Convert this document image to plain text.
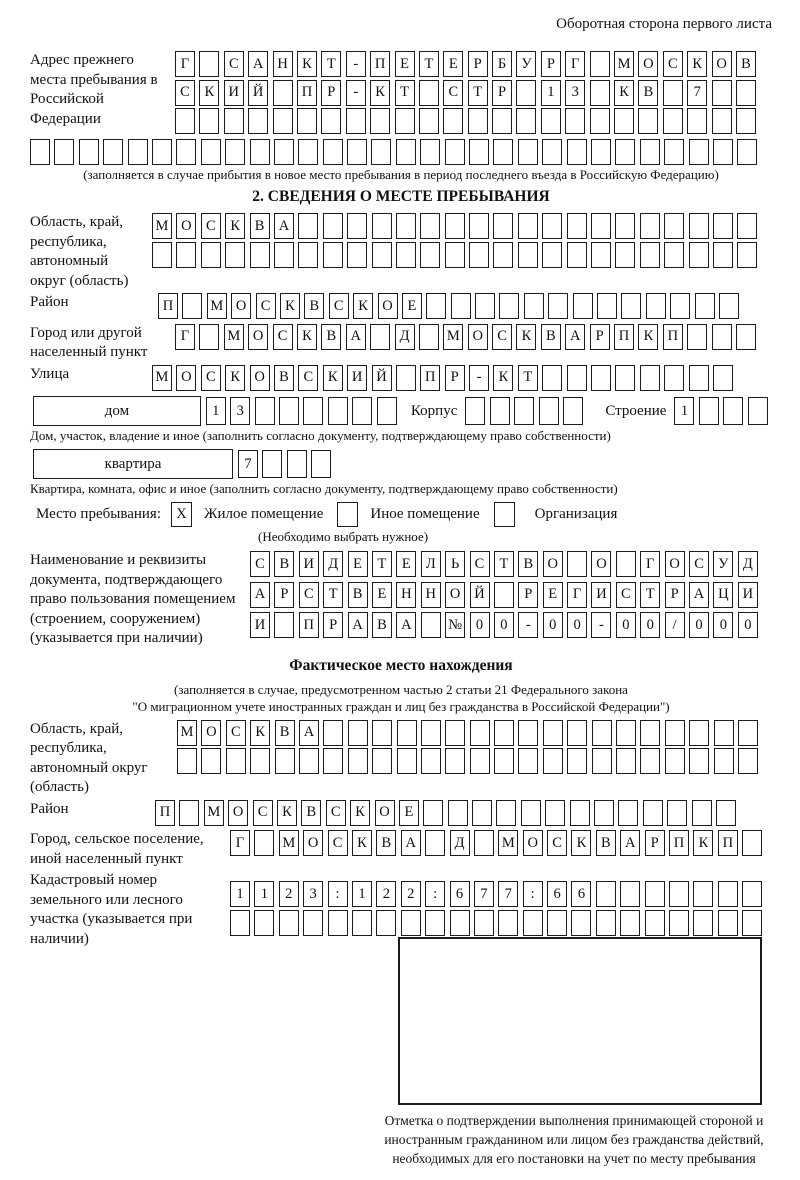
Оборотная сторона первого листа
Адрес прежнего места пребывания в Российской Федерации
Г	С А Н К	Т	-	П	Е	Т	Е	Р	Б	У	Р	Г	М О С	К О В
С	К И Й	П	Р	-	К	Т	С	Т	Р	1	3	К	В	7
(заполняется в случае прибытия в новое место пребывания в период последнего въезда в Российскую Федерацию)
2. СВЕДЕНИЯ О МЕСТЕ ПРЕБЫВАНИЯ
Область, край, республика, автономный округ (область)
М О С	К	В А
Район	П	М О С	К	В	С	К О	Е
Город или другой населенный пункт
Г	М О С	К	В А	Д	М О С	К	В А	Р	П К П
Улица	М О С	К О В	С	К И Й	П	Р	-	К	Т
дом	1	3	Корпус	Строение 1
Дом, участок, владение и иное (заполнить согласно документу, подтверждающему право собственности)
квартира	7
Квартира, комната, офис и иное (заполнить согласно документу, подтверждающему право собственности)
Место пребывания:	X	Жилое помещение	Иное помещение	Организация
(Необходимо выбрать нужное)
Наименование и реквизиты документа, подтверждающего право пользования помещением (строением, сооружением) (указывается при наличии)
С	В И Д	Е	Т	Е	Л	Ь	С	Т	В О	О	Г	О С У Д
А	Р	С	Т	В	Е	Н Н О Й	Р	Е	Г	И С	Т	Р	А Ц И
И	П	Р	А В А	№ 0	0	-	0	0	-	0	0	/	0	0	0
Фактическое место нахождения
(заполняется в случае, предусмотренном частью 2 статьи 21 Федерального закона
"О миграционном учете иностранных граждан и лиц без гражданства в Российской Федерации")
Область, край, республика, автономный округ (область)
М О С	К	В А
Район	П	М О С	К	В	С	К О	Е
Город, сельское поселение, иной населенный пункт
Г	М О С	К	В А	Д	М О С	К	В А	Р	П К П
Кадастровый номер земельного или лесного участка (указывается при наличии)
1	1	2	3	:	1	2	2	:	6	7	7	:	6	6
Отметка о подтверждении выполнения принимающей стороной и иностранным гражданином или лицом без гражданства действий, необходимых для его постановки на учет по месту пребывания
